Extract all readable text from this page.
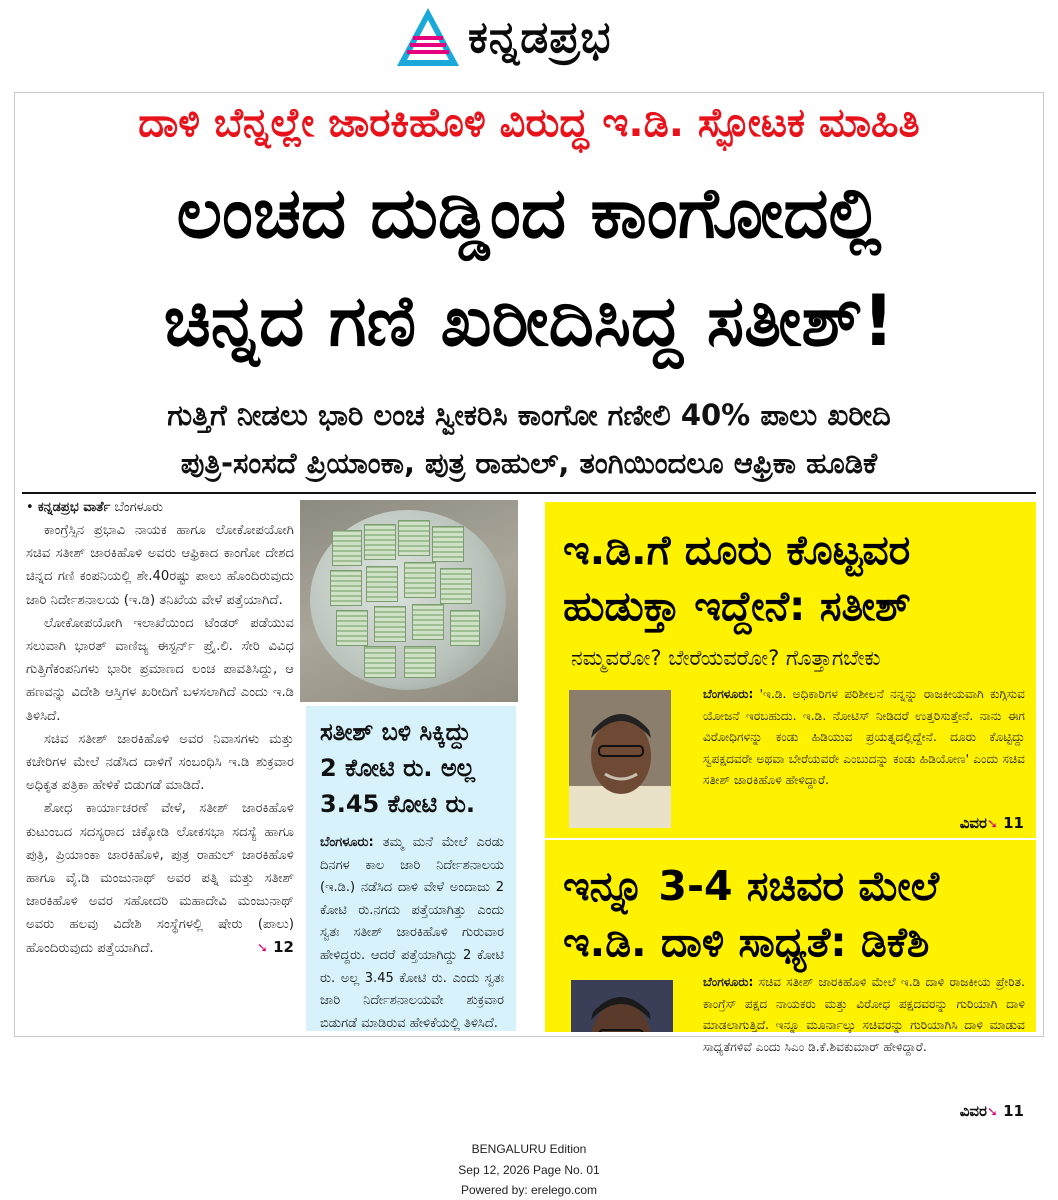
ಕನ್ನಡಪ್ರಭ
ದಾಳಿ ಬೆನ್ನಲ್ಲೇ ಜಾರಕಿಹೊಳಿ ವಿರುದ್ಧ ಇ.ಡಿ. ಸ್ಫೋಟಕ ಮಾಹಿತಿ
ಲಂಚದ ದುಡ್ಡಿಂದ ಕಾಂಗೋದಲ್ಲಿ
ಚಿನ್ನದ ಗಣಿ ಖರೀದಿಸಿದ್ದ ಸತೀಶ್!
ಗುತ್ತಿಗೆ ನೀಡಲು ಭಾರಿ ಲಂಚ ಸ್ವೀಕರಿಸಿ ಕಾಂಗೋ ಗಣೀಲಿ 40% ಪಾಲು ಖರೀದಿ
ಪುತ್ರಿ-ಸಂಸದೆ ಪ್ರಿಯಾಂಕಾ, ಪುತ್ರ ರಾಹುಲ್, ತಂಗಿಯಿಂದಲೂ ಆಫ್ರಿಕಾ ಹೂಡಿಕೆ
• ಕನ್ನಡಪ್ರಭ ವಾರ್ತೆ ಬೆಂಗಳೂರು

ಕಾಂಗ್ರೆಸ್ಸಿನ ಪ್ರಭಾವಿ ನಾಯಕ ಹಾಗೂ ಲೋಕೋಪಯೋಗಿ ಸಚಿವ ಸತೀಶ್ ಜಾರಕಿಹೊಳಿ ಅವರು ಆಫ್ರಿಕಾದ ಕಾಂಗೋ ದೇಶದ ಚಿನ್ನದ ಗಣಿ ಕಂಪನಿಯಲ್ಲಿ ಶೇ.40ರಷ್ಟು ಪಾಲು ಹೊಂದಿರುವುದು ಜಾರಿ ನಿರ್ದೇಶನಾಲಯ (ಇ.ಡಿ) ತನಿಖೆಯ ವೇಳೆ ಪತ್ತೆಯಾಗಿದೆ.

ಲೋಕೋಪಯೋಗಿ ಇಲಾಖೆಯಿಂದ ಟೆಂಡರ್ ಪಡೆಯುವ ಸಲುವಾಗಿ ಭಾರತ್ ವಾಣಿಜ್ಯ ಈಸ್ಟರ್ನ್ ಪ್ರೈ.ಲಿ. ಸೇರಿ ವಿವಿಧ ಗುತ್ತಿಗೆಕಂಪನಿಗಳು ಭಾರೀ ಪ್ರಮಾಣದ ಲಂಚ ಪಾವತಿಸಿದ್ದು, ಆ ಹಣವನ್ನು ವಿದೇಶಿ ಆಸ್ತಿಗಳ ಖರೀದಿಗೆ ಬಳಸಲಾಗಿದೆ ಎಂದು ಇ.ಡಿ ತಿಳಿಸಿದೆ.

ಸಚಿವ ಸತೀಶ್ ಜಾರಕಿಹೊಳಿ ಅವರ ನಿವಾಸಗಳು ಮತ್ತು ಕಚೇರಿಗಳ ಮೇಲೆ ನಡೆಸಿದ ದಾಳಿಗೆ ಸಂಬಂಧಿಸಿ ಇ.ಡಿ ಶುಕ್ರವಾರ ಅಧಿಕೃತ ಪತ್ರಿಕಾ ಹೇಳಿಕೆ ಬಿಡುಗಡೆ ಮಾಡಿದೆ.

ಶೋಧ ಕಾರ್ಯಾಚರಣೆ ವೇಳೆ, ಸತೀಶ್ ಜಾರಕಿಹೊಳಿ ಕುಟುಂಬದ ಸದಸ್ಯರಾದ ಚಿಕ್ಕೋಡಿ ಲೋಕಸಭಾ ಸದಸ್ಯೆ ಹಾಗೂ ಪುತ್ರಿ, ಪ್ರಿಯಾಂಕಾ ಜಾರಕಿಹೊಳಿ, ಪುತ್ರ ರಾಹುಲ್ ಜಾರಕಿಹೊಳಿ ಹಾಗೂ ವೈ.ಡಿ ಮಂಜುನಾಥ್ ಅವರ ಪತ್ನಿ ಮತ್ತು ಸತೀಶ್ ಜಾರಕಿಹೊಳಿ ಅವರ ಸಹೋದರಿ ಮಹಾದೇವಿ ಮಂಜುನಾಥ್ ಅವರು ಹಲವು ವಿದೇಶಿ ಸಂಸ್ಥೆಗಳಲ್ಲಿ ಷೇರು (ಪಾಲು) ಹೊಂದಿರುವುದು ಪತ್ತೆಯಾಗಿದೆ.	➘ 12
ಸತೀಶ್ ಬಳಿ ಸಿಕ್ಕಿದ್ದು
2 ಕೋಟಿ ರು. ಅಲ್ಲ
3.45 ಕೋಟಿ ರು.
ಬೆಂಗಳೂರು: ತಮ್ಮ ಮನೆ ಮೇಲೆ ಎರಡು ದಿನಗಳ ಕಾಲ ಜಾರಿ ನಿರ್ದೇಶನಾಲಯ (ಇ.ಡಿ.) ನಡೆಸಿದ ದಾಳಿ ವೇಳೆ ಅಂದಾಜು 2 ಕೋಟಿ ರು.ನಗದು ಪತ್ತೆಯಾಗಿತ್ತು ಎಂದು ಸ್ವತಃ ಸತೀಶ್ ಜಾರಕಿಹೊಳಿ ಗುರುವಾರ ಹೇಳಿದ್ದರು. ಆದರೆ ಪತ್ತೆಯಾಗಿದ್ದು 2 ಕೋಟಿ ರು. ಅಲ್ಲ 3.45 ಕೋಟಿ ರು. ಎಂದು ಸ್ವತಃ ಜಾರಿ ನಿರ್ದೇಶನಾಲಯವೇ ಶುಕ್ರವಾರ ಬಿಡುಗಡೆ ಮಾಡಿರುವ ಹೇಳಿಕೆಯಲ್ಲಿ ತಿಳಿಸಿದೆ.
ಇ.ಡಿ.ಗೆ ದೂರು ಕೊಟ್ಟವರ
ಹುಡುಕ್ತಾ ಇದ್ದೇನೆ: ಸತೀಶ್
ನಮ್ಮವರೋ? ಬೇರೆಯವರೋ? ಗೊತ್ತಾಗಬೇಕು
ಬೆಂಗಳೂರು: 'ಇ.ಡಿ. ಅಧಿಕಾರಿಗಳ ಪರಿಶೀಲನೆ ನನ್ನನ್ನು ರಾಜಕೀಯವಾಗಿ ಕುಗ್ಗಿಸುವ ಯೋಜನೆ ಇರಬಹುದು. ಇ.ಡಿ. ನೋಟಿಸ್ ನೀಡಿದರೆ ಉತ್ತರಿಸುತ್ತೇನೆ. ನಾನು ಈಗ ವಿರೋಧಿಗಳನ್ನು ಕಂಡು ಹಿಡಿಯುವ ಪ್ರಯತ್ನದಲ್ಲಿದ್ದೇನೆ. ದೂರು ಕೊಟ್ಟಿದ್ದು ಸ್ವಪಕ್ಷದವರೇ ಅಥವಾ ಬೇರೆಯವರೇ ಎಂಬುದನ್ನು ಕಂಡು ಹಿಡಿಯೋಣ' ಎಂದು ಸಚಿವ ಸತೀಶ್ ಜಾರಕಿಹೊಳಿ ಹೇಳಿದ್ದಾರೆ.
ವಿವರ➘ 11
ಇನ್ನೂ 3-4 ಸಚಿವರ ಮೇಲೆ
ಇ.ಡಿ. ದಾಳಿ ಸಾಧ್ಯತೆ: ಡಿಕೆಶಿ
ಬೆಂಗಳೂರು: ಸಚಿವ ಸತೀಶ್ ಜಾರಕಿಹೊಳಿ ಮೇಲೆ ಇ.ಡಿ ದಾಳಿ ರಾಜಕೀಯ ಪ್ರೇರಿತ. ಕಾಂಗ್ರೆಸ್ ಪಕ್ಷದ ನಾಯಕರು ಮತ್ತು ವಿರೋಧ ಪಕ್ಷದವರನ್ನು ಗುರಿಯಾಗಿ ದಾಳಿ ಮಾಡಲಾಗುತ್ತಿದೆ. ಇನ್ನೂ ಮೂರ್ನಾಲ್ಕು ಸಚಿವರನ್ನು ಗುರಿಯಾಗಿಸಿ ದಾಳಿ ಮಾಡುವ ಸಾಧ್ಯತೆಗಳಿವೆ ಎಂದು ಸಿಎಂ ಡಿ.ಕೆ.ಶಿವಕುಮಾರ್ ಹೇಳಿದ್ದಾರೆ.
ವಿವರ➘ 11
BENGALURU Edition
Sep 12, 2026 Page No. 01
Powered by: erelego.com
